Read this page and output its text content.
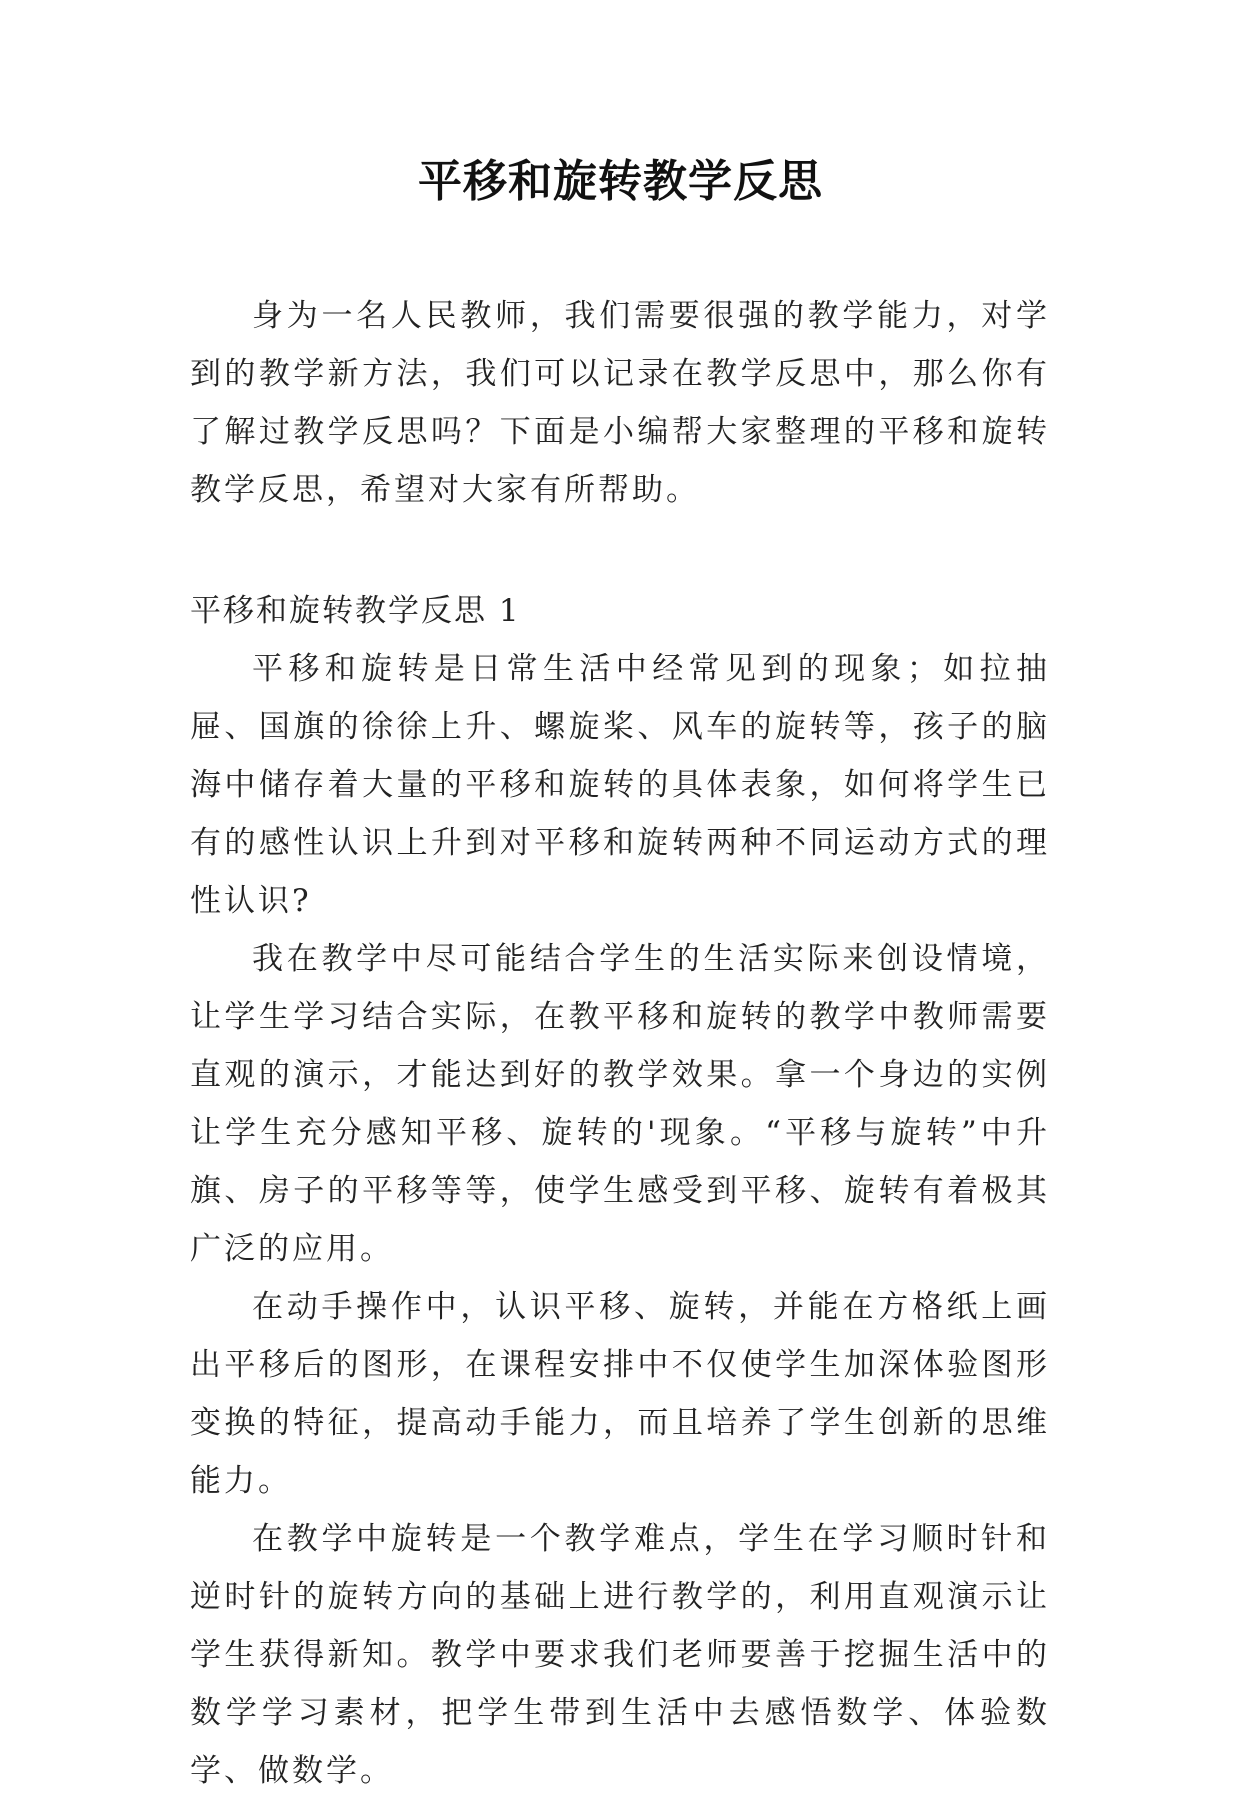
平移和旋转教学反思

身为一名人民教师，我们需要很强的教学能力，对学到的教学新方法，我们可以记录在教学反思中，那么你有了解过教学反思吗？下面是小编帮大家整理的平移和旋转教学反思，希望对大家有所帮助。

平移和旋转教学反思 1

平移和旋转是日常生活中经常见到的现象；如拉抽屉、国旗的徐徐上升、螺旋桨、风车的旋转等，孩子的脑海中储存着大量的平移和旋转的具体表象，如何将学生已有的感性认识上升到对平移和旋转两种不同运动方式的理性认识?

我在教学中尽可能结合学生的生活实际来创设情境，让学生学习结合实际，在教平移和旋转的教学中教师需要直观的演示，才能达到好的教学效果。拿一个身边的实例让学生充分感知平移、旋转的'现象。“平移与旋转”中升旗、房子的平移等等，使学生感受到平移、旋转有着极其广泛的应用。

在动手操作中，认识平移、旋转，并能在方格纸上画出平移后的图形，在课程安排中不仅使学生加深体验图形变换的特征，提高动手能力，而且培养了学生创新的思维能力。

在教学中旋转是一个教学难点，学生在学习顺时针和逆时针的旋转方向的基础上进行教学的，利用直观演示让学生获得新知。教学中要求我们老师要善于挖掘生活中的数学学习素材，把学生带到生活中去感悟数学、体验数学、做数学。
